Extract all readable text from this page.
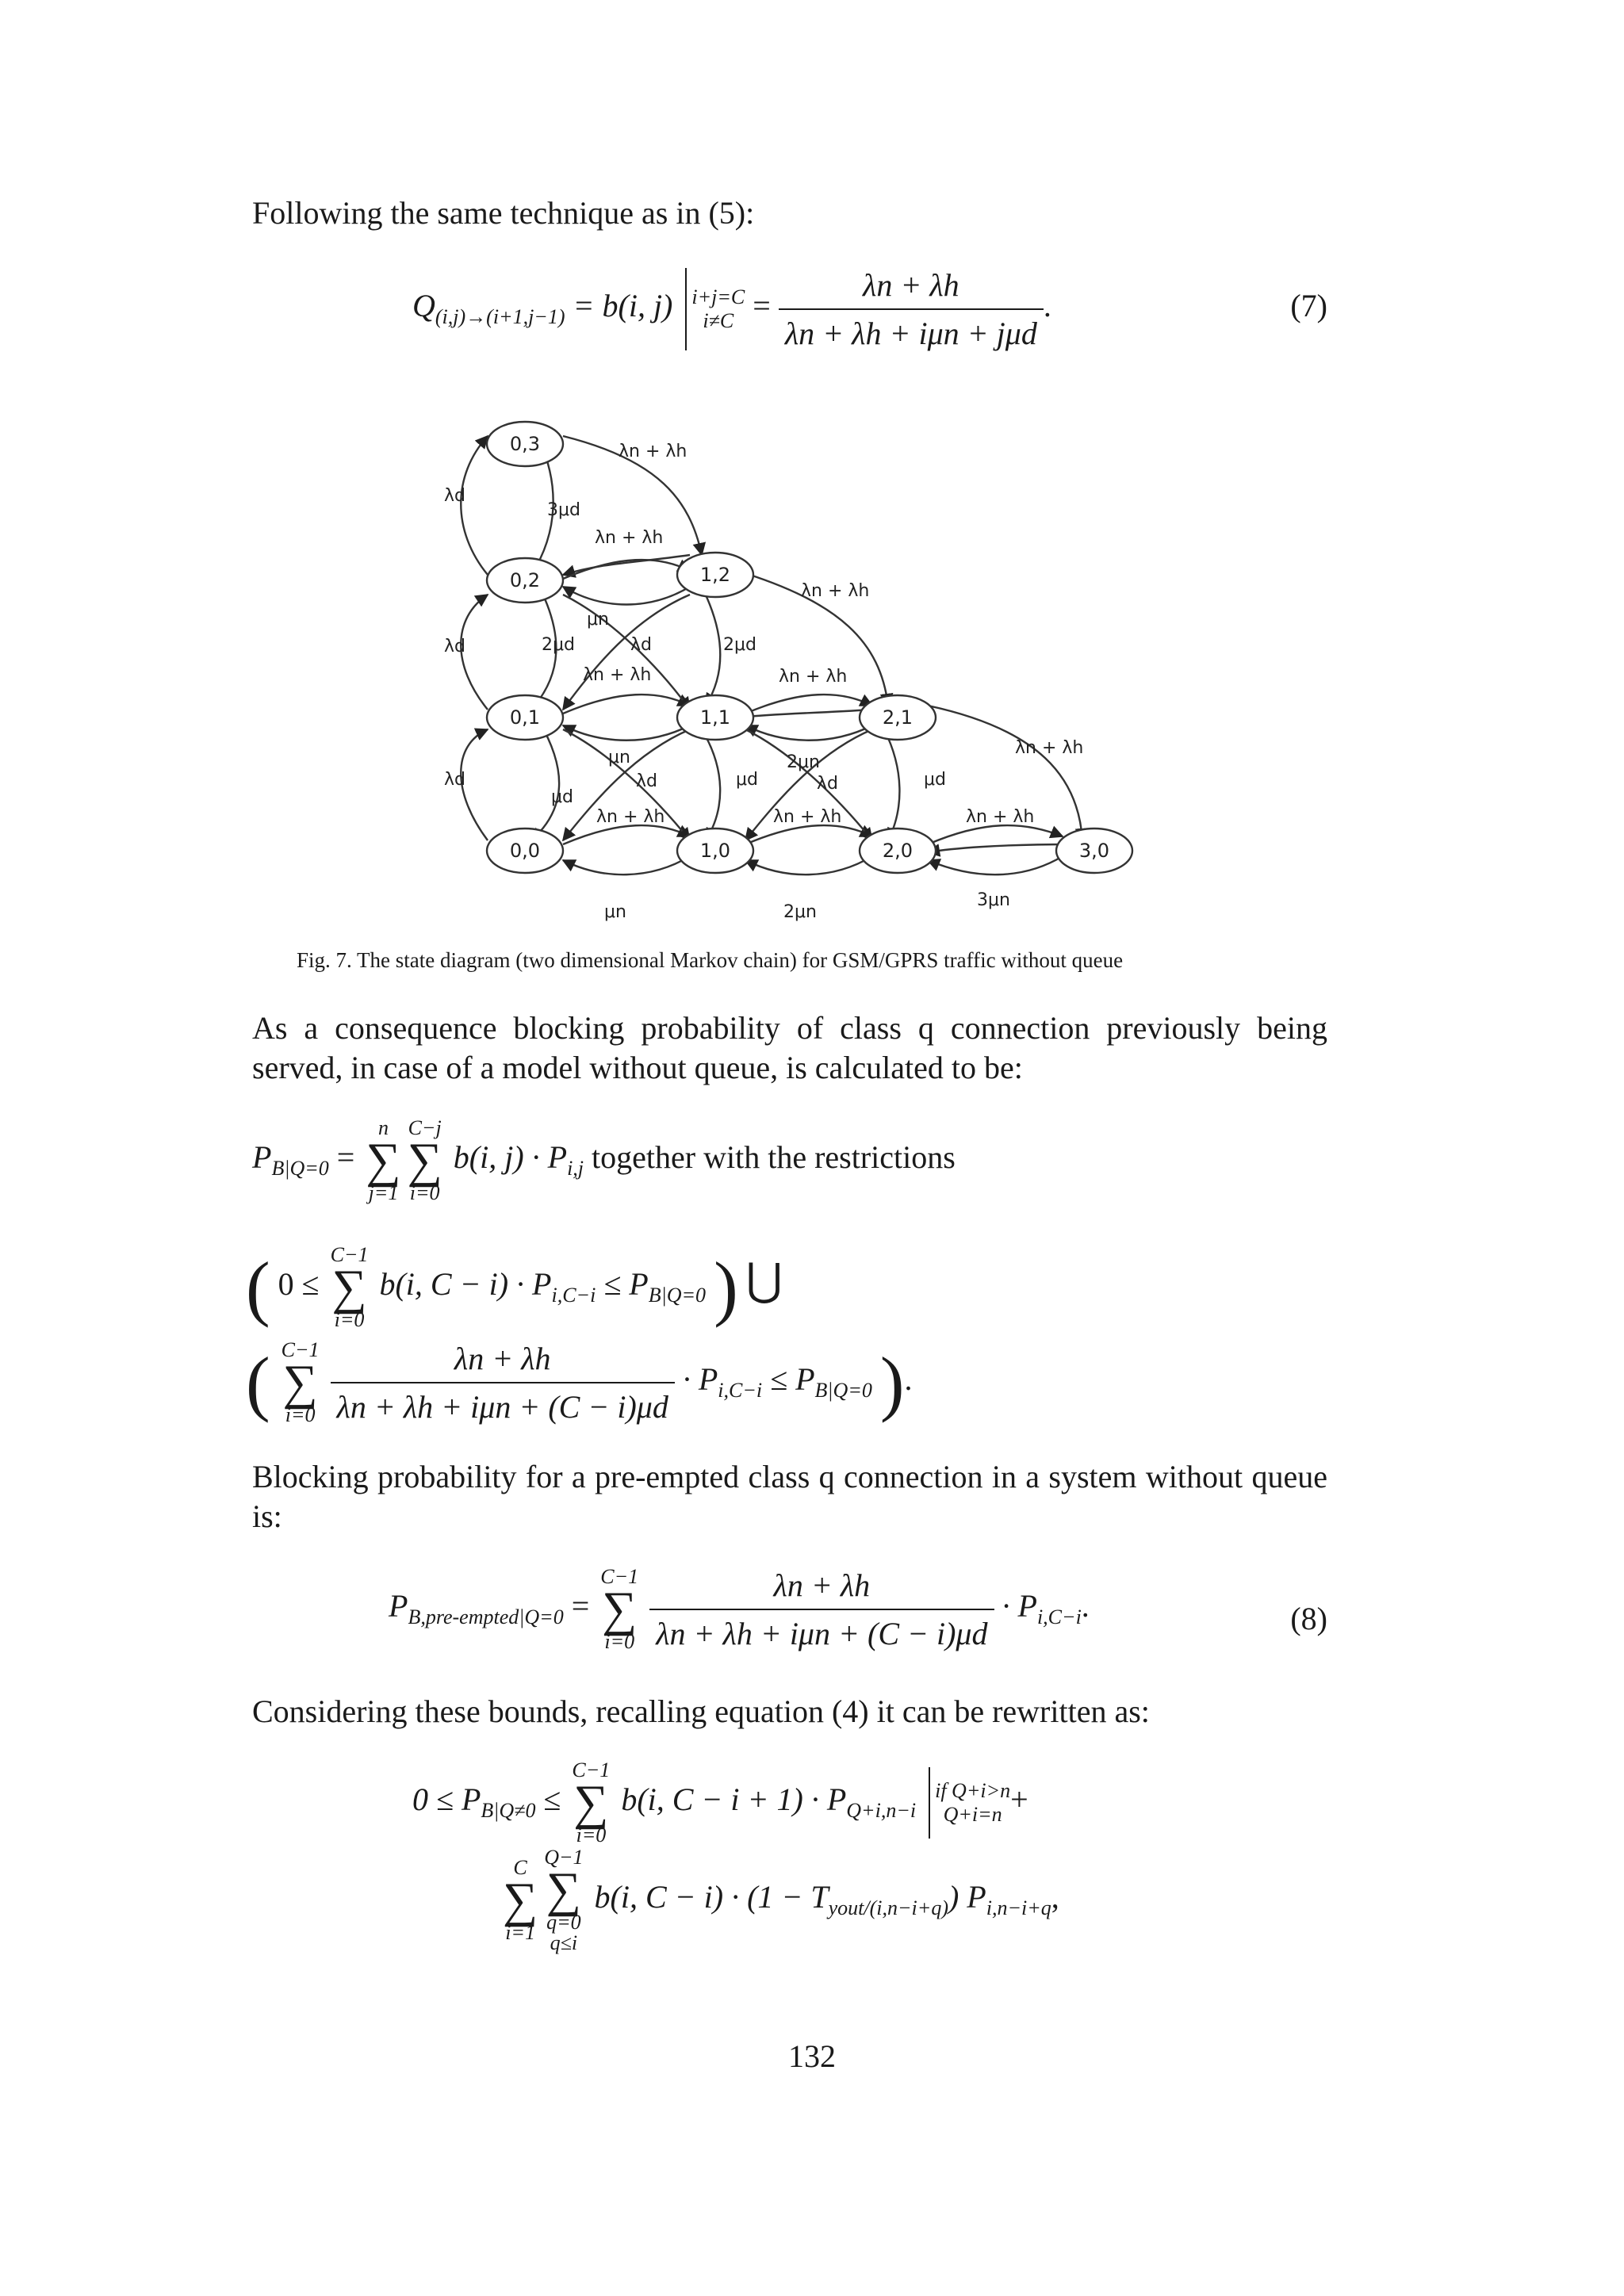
Following the same technique as in (5):

$Q_{(i,j)\to(i+1,j-1)} = b(i$, j) i+j=C
$i\ne C = \frac{\lambda n + \lambda h}{\text{λn + λh + iμn + jμd}}$ .	(7)
0,3
0,2	1,2
0,1	1,1	2,1
0,0	1,0	2,0	3,0
λn + λh
λd
λd
λd
3μd
λn + λh
μn
λd
2μd	2μd
λn + λh
λn + λh	λn + λh
λn + λh
μn
λd
μd
μd	μd
2μn
λd
λn + λh	λn + λh	λn + λh
μn	2μn
3μn
Fig. 7. The state diagram (two dimensional Markov chain) for GSM/GPRS traffic without queue

As a consequence blocking probability of class q connection previously being served, in case of a model without queue, is calculated to be:

$P_{B|Q=0}$ =
n
∑
j=1
C−j
∑
i=0
b(i, $j) \cdot P_{i,j}$ together with the restrictions
( 0 ≤
C−1
∑
i=0
b(i, $C - i) \cdot P_{i,C-i} \le P_{B|Q=0}$ ) ⋃
( C−1
∑
i=0
$\frac{\lambda n + \lambda h}{\text{λn + λh + iμn + (C − i)μd}} \cdot P_{i,C-i} \le P_{B|Q=0}$ ).

Blocking probability for a pre-empted class q connection in a system without queue is:

$P_{B,pre-empted|Q=0}$ =
C−1
∑
i=0
$\frac{\lambda n + \lambda h}{\text{λn + λh + iμn + (C − i)μd}} \cdot P_{i,C-i}$.	(8)

Considering these bounds, recalling equation (4) it can be rewritten as:

$0 \le P_{B|Q\ne 0}$ ≤
C−1
∑
i=0
b(i, $C - i + 1) \cdot P_{Q+i,n-i}$
if Q+i>n
Q+i=n +
C
∑
i=1
Q−1
∑
q=0
q≤i
b(i, $C - i) \cdot (1 - T_{yout/(i,n-i+q)})$ $P_{i,n-i+q}$,
132
